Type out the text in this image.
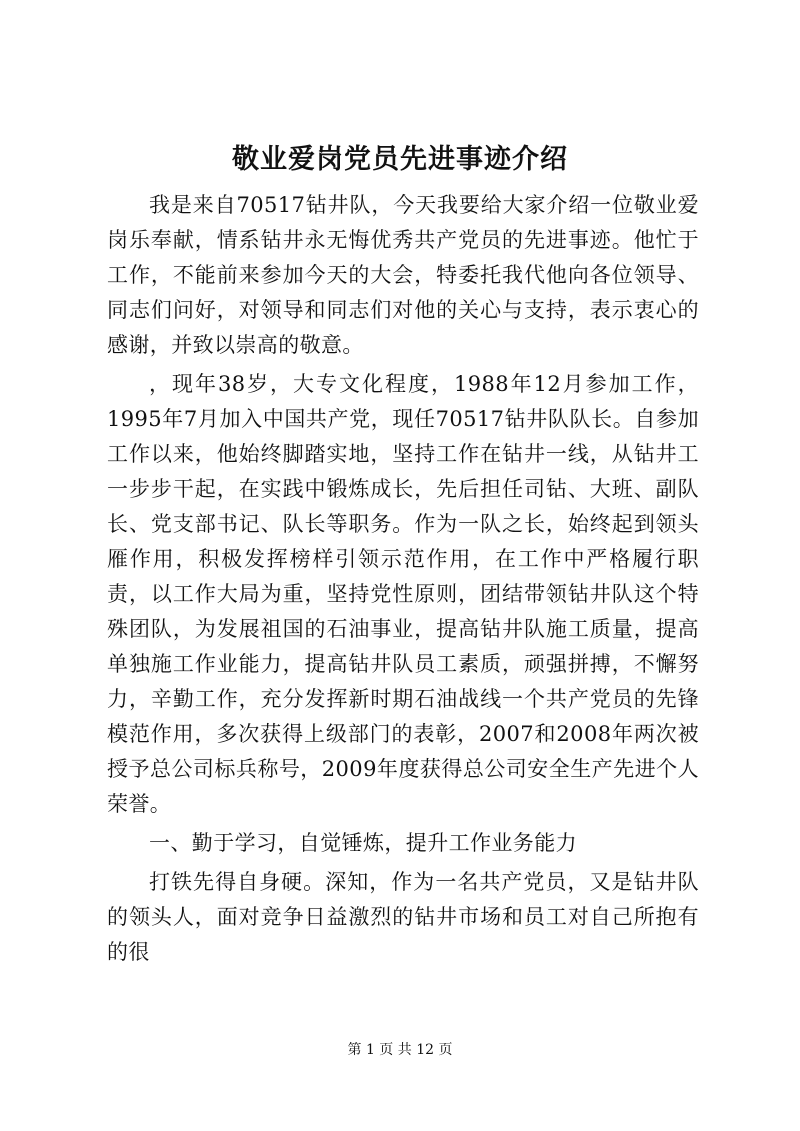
敬业爱岗党员先进事迹介绍

我是来自70517钻井队，今天我要给大家介绍一位敬业爱岗乐奉献，情系钻井永无悔优秀共产党员的先进事迹。他忙于工作，不能前来参加今天的大会，特委托我代他向各位领导、同志们问好，对领导和同志们对他的关心与支持，表示衷心的感谢，并致以崇高的敬意。

，现年38岁，大专文化程度，1988年12月参加工作，1995年7月加入中国共产党，现任70517钻井队队长。自参加工作以来，他始终脚踏实地，坚持工作在钻井一线，从钻井工一步步干起，在实践中锻炼成长，先后担任司钻、大班、副队长、党支部书记、队长等职务。作为一队之长，始终起到领头雁作用，积极发挥榜样引领示范作用，在工作中严格履行职责，以工作大局为重，坚持党性原则，团结带领钻井队这个特殊团队，为发展祖国的石油事业，提高钻井队施工质量，提高单独施工作业能力，提高钻井队员工素质，顽强拼搏，不懈努力，辛勤工作，充分发挥新时期石油战线一个共产党员的先锋模范作用，多次获得上级部门的表彰，2007和2008年两次被授予总公司标兵称号，2009年度获得总公司安全生产先进个人荣誉。

一、勤于学习，自觉锤炼，提升工作业务能力

打铁先得自身硬。深知，作为一名共产党员，又是钻井队的领头人，面对竞争日益激烈的钻井市场和员工对自己所抱有的很

第 1 页 共 12 页
